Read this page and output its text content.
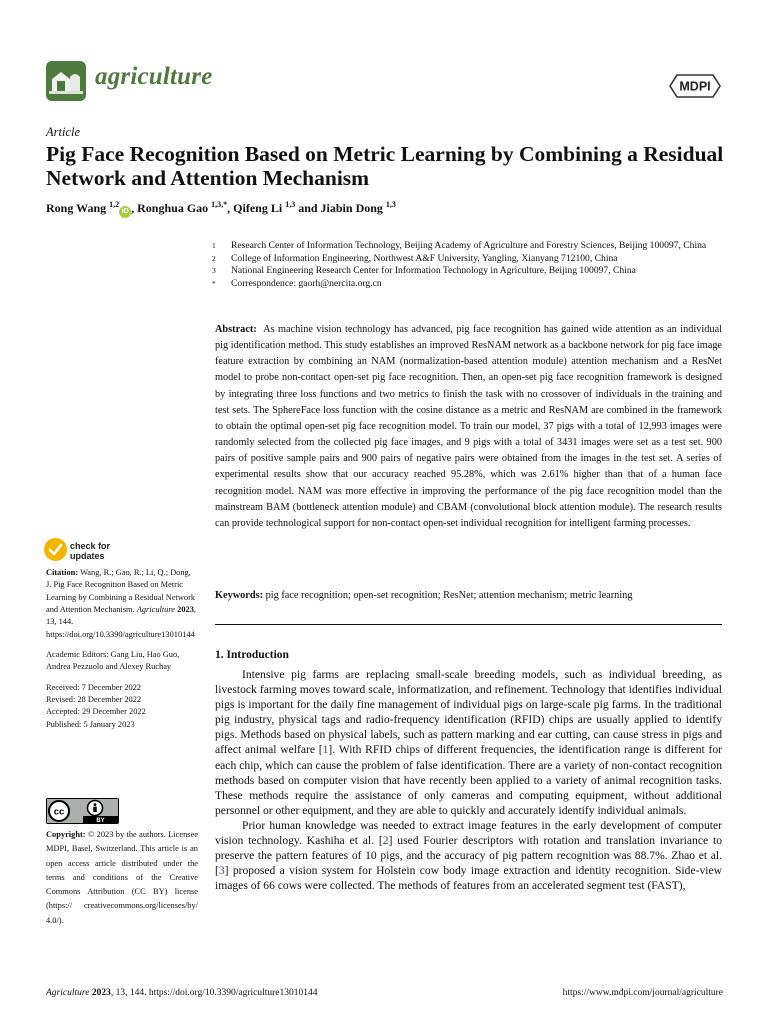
agriculture	MDPI
Article
Pig Face Recognition Based on Metric Learning by Combining a Residual Network and Attention Mechanism
Rong Wang $^{1,2}$iD , Ronghua Gao $^{1,3,*}$, Qifeng Li $^{1,3}$ and Jiabin Dong $^{1,3}$
1	Research Center of Information Technology, Beijing Academy of Agriculture and Forestry Sciences, Beijing 100097, China
2	College of Information Engineering, Northwest A&F University, Yangling, Xianyang 712100, China
3	National Engineering Research Center for Information Technology in Agriculture, Beijing 100097, China
*	Correspondence: gaorh@nercita.org.cn
Abstract: As machine vision technology has advanced, pig face recognition has gained wide attention as an individual pig identification method. This study establishes an improved ResNAM network as a backbone network for pig face image feature extraction by combining an NAM (normalization-based attention module) attention mechanism and a ResNet model to probe non-contact open-set pig face recognition. Then, an open-set pig face recognition framework is designed by integrating three loss functions and two metrics to finish the task with no crossover of individuals in the training and test sets. The SphereFace loss function with the cosine distance as a metric and ResNAM are combined in the framework to obtain the optimal open-set pig face recognition model. To train our model, 37 pigs with a total of 12,993 images were randomly selected from the collected pig face images, and 9 pigs with a total of 3431 images were set as a test set. 900 pairs of positive sample pairs and 900 pairs of negative pairs were obtained from the images in the test set. A series of experimental results show that our accuracy reached 95.28%, which was 2.61% higher than that of a human face recognition model. NAM was more effective in improving the performance of the pig face recognition model than the mainstream BAM (bottleneck attention module) and CBAM (convolutional block attention module). The research results can provide technological support for non-contact open-set individual recognition for intelligent farming processes.
Keywords: pig face recognition; open-set recognition; ResNet; attention mechanism; metric learning
check for
updates

Citation: Wang, R.; Gao, R.; Li, Q.; Dong, J. Pig Face Recognition Based on Metric Learning by Combining a Residual Network and Attention Mechanism. Agriculture 2023, 13, 144. https://doi.org/10.3390/agriculture13010144

Academic Editors: Gang Liu, Hao Guo, Andrea Pezzuolo and Alexey Ruchay

Received: 7 December 2022
Revised: 28 December 2022
Accepted: 29 December 2022
Published: 5 January 2023
cc
BY
Copyright: © 2023 by the authors. Licensee MDPI, Basel, Switzerland. This article is an open access article distributed under the terms and conditions of the Creative Commons Attribution (CC BY) license (https:// creativecommons.org/licenses/by/ 4.0/).
1. Introduction

Intensive pig farms are replacing small-scale breeding models, such as individual breeding, as livestock farming moves toward scale, informatization, and refinement. Technology that identifies individual pigs is important for the daily fine management of individual pigs on large-scale pig farms. In the traditional pig industry, physical tags and radio-frequency identification (RFID) chips are usually applied to identify pigs. Methods based on physical labels, such as pattern marking and ear cutting, can cause stress in pigs and affect animal welfare [1]. With RFID chips of different frequencies, the identification range is different for each chip, which can cause the problem of false identification. There are a variety of non-contact recognition methods based on computer vision that have recently been applied to a variety of animal recognition tasks. These methods require the assistance of only cameras and computing equipment, without additional personnel or other equipment, and they are able to quickly and accurately identify individual animals.

Prior human knowledge was needed to extract image features in the early development of computer vision technology. Kashiha et al. [2] used Fourier descriptors with rotation and translation invariance to preserve the pattern features of 10 pigs, and the accuracy of pig pattern recognition was 88.7%. Zhao et al. [3] proposed a vision system for Holstein cow body image extraction and identity recognition. Side-view images of 66 cows were collected. The methods of features from an accelerated segment test (FAST),

Agriculture 2023, 13, 144. https://doi.org/10.3390/agriculture13010144	https://www.mdpi.com/journal/agriculture
